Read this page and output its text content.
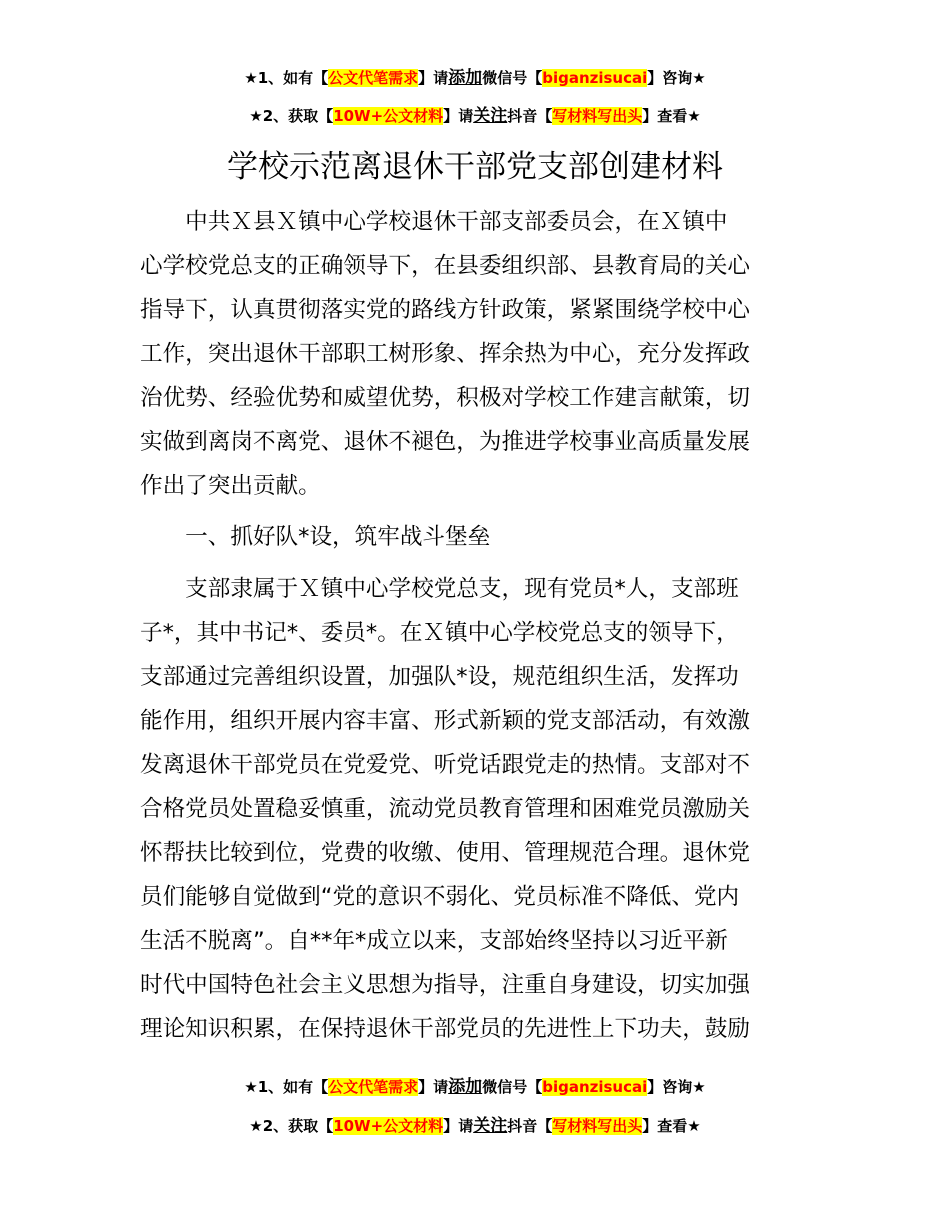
★1、如有【公文代笔需求】请添加微信号【biganzisucai】咨询★
★2、获取【10W+公文材料】请关注抖音【写材料写出头】查看★
学校示范离退休干部党支部创建材料
　　中共Ｘ县Ｘ镇中心学校退休干部支部委员会，在Ｘ镇中
心学校党总支的正确领导下，在县委组织部、县教育局的关心
指导下，认真贯彻落实党的路线方针政策，紧紧围绕学校中心
工作，突出退休干部职工树形象、挥余热为中心，充分发挥政
治优势、经验优势和威望优势，积极对学校工作建言献策，切
实做到离岗不离党、退休不褪色，为推进学校事业高质量发展
作出了突出贡献。
　　一、抓好队*设，筑牢战斗堡垒
　　支部隶属于Ｘ镇中心学校党总支，现有党员*人，支部班
子*，其中书记*、委员*。在Ｘ镇中心学校党总支的领导下，
支部通过完善组织设置，加强队*设，规范组织生活，发挥功
能作用，组织开展内容丰富、形式新颖的党支部活动，有效激
发离退休干部党员在党爱党、听党话跟党走的热情。支部对不
合格党员处置稳妥慎重，流动党员教育管理和困难党员激励关
怀帮扶比较到位，党费的收缴、使用、管理规范合理。退休党
员们能够自觉做到“党的意识不弱化、党员标准不降低、党内
生活不脱离”。自**年*成立以来，支部始终坚持以习近平新
时代中国特色社会主义思想为指导，注重自身建设，切实加强
理论知识积累，在保持退休干部党员的先进性上下功夫，鼓励
★1、如有【公文代笔需求】请添加微信号【biganzisucai】咨询★
★2、获取【10W+公文材料】请关注抖音【写材料写出头】查看★
